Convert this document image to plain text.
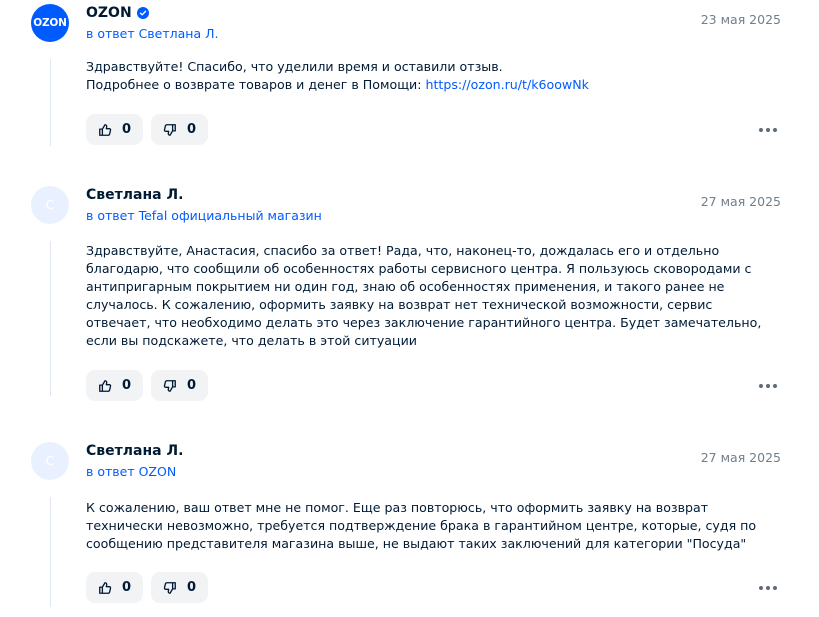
OZON
OZON
в ответ Светлана Л.
23 мая 2025

Здравствуйте! Спасибо, что уделили время и оставили отзыв.

Подробнее о возврате товаров и денег в Помощи: https://ozon.ru/t/k6oowNk

0	0
С
Светлана Л.
в ответ Tefal официальный магазин
27 мая 2025

Здравствуйте, Анастасия, спасибо за ответ! Рада, что, наконец-то, дождалась его и отдельно

благодарю, что сообщили об особенностях работы сервисного центра. Я пользуюсь сковородами с

антипригарным покрытием ни один год, знаю об особенностях применения, и такого ранее не

случалось. К сожалению, оформить заявку на возврат нет технической возможности, сервис

отвечает, что необходимо делать это через заключение гарантийного центра. Будет замечательно,

если вы подскажете, что делать в этой ситуации

0	0
С
Светлана Л.
в ответ OZON
27 мая 2025

К сожалению, ваш ответ мне не помог. Еще раз повторюсь, что оформить заявку на возврат

технически невозможно, требуется подтверждение брака в гарантийном центре, которые, судя по

сообщению представителя магазина выше, не выдают таких заключений для категории "Посуда"

0	0
